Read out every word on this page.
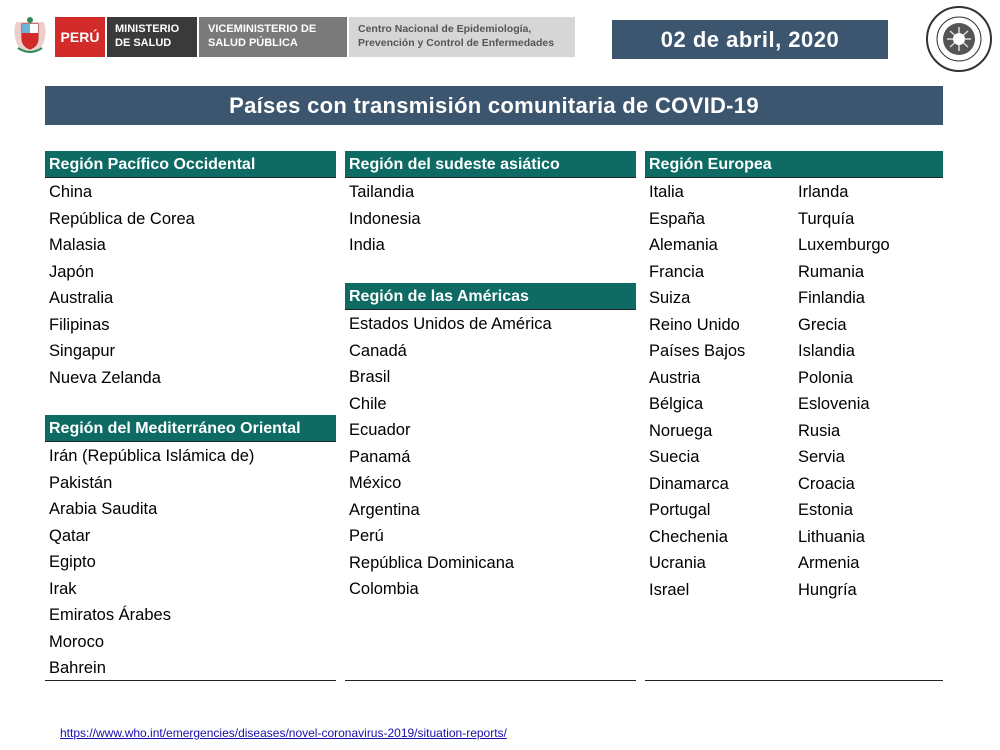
PERÚ	MINISTERIO
DE SALUD
VICEMINISTERIO DE
SALUD PÚBLICA
Centro Nacional de Epidemiología,
Prevención y Control de Enfermedades	02 de abril, 2020
Países con transmisión comunitaria de COVID-19
Región Pacífico Occidental
China
República de Corea
Malasia
Japón
Australia
Filipinas
Singapur
Nueva Zelanda
Región del Mediterráneo Oriental
Irán (República Islámica de)
Pakistán
Arabia Saudita
Qatar
Egipto
Irak
Emiratos Árabes
Moroco
Bahrein
Región del sudeste asiático
Tailandia
Indonesia
India
Región de las Américas
Estados Unidos de América
Canadá
Brasil
Chile
Ecuador
Panamá
México
Argentina
Perú
República Dominicana
Colombia
Región Europea
Italia
España
Alemania
Francia
Suiza
Reino Unido
Países Bajos
Austria
Bélgica
Noruega
Suecia
Dinamarca
Portugal
Chechenia
Ucrania
Israel
Irlanda
Turquía
Luxemburgo
Rumania
Finlandia
Grecia
Islandia
Polonia
Eslovenia
Rusia
Servia
Croacia
Estonia
Lithuania
Armenia
Hungría
https://www.who.int/emergencies/diseases/novel-coronavirus-2019/situation-reports/
